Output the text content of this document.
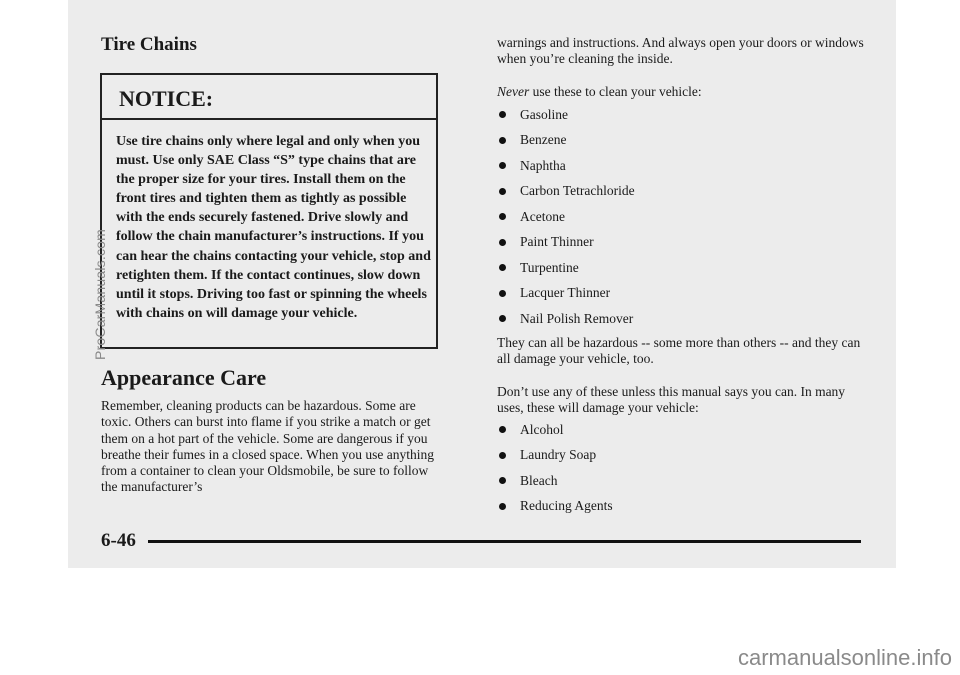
Tire Chains
NOTICE:

Use tire chains only where legal and only when you must. Use only SAE Class “S” type chains that are the proper size for your tires. Install them on the front tires and tighten them as tightly as possible with the ends securely fastened. Drive slowly and follow the chain manufacturer’s instructions. If you can hear the chains contacting your vehicle, stop and retighten them. If the contact continues, slow down until it stops. Driving too fast or spinning the wheels with chains on will damage your vehicle.

Appearance Care

Remember, cleaning products can be hazardous. Some are toxic. Others can burst into flame if you strike a match or get them on a hot part of the vehicle. Some are dangerous if you breathe their fumes in a closed space. When you use anything from a container to clean your Oldsmobile, be sure to follow the manufacturer’s

warnings and instructions. And always open your doors or windows when you’re cleaning the inside.

Never use these to clean your vehicle:

Gasoline
Benzene
Naphtha
Carbon Tetrachloride
Acetone
Paint Thinner
Turpentine
Lacquer Thinner
Nail Polish Remover

They can all be hazardous -- some more than others -- and they can all damage your vehicle, too.

Don’t use any of these unless this manual says you can. In many uses, these will damage your vehicle:

Alcohol
Laundry Soap
Bleach
Reducing Agents
6-46
ProCarManuals.com
carmanualsonline.info
